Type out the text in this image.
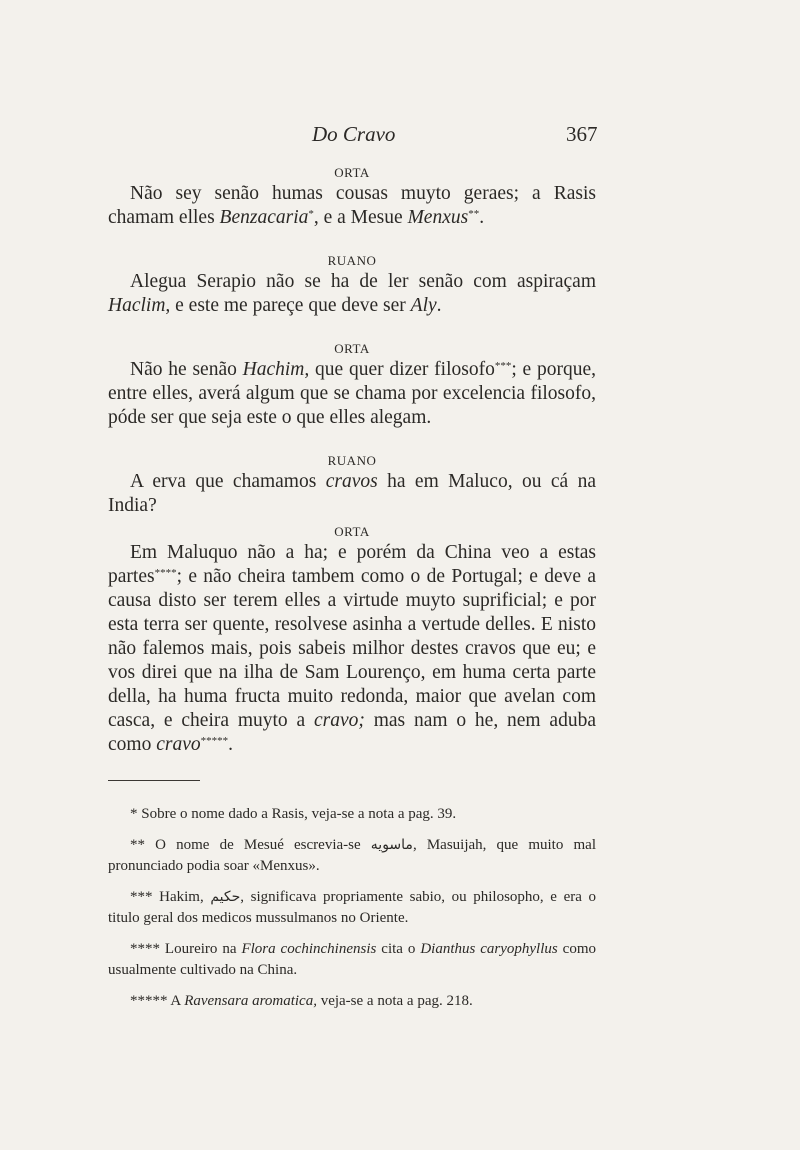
Do Cravo	367
ORTA

Não sey senão humas cousas muyto geraes; a Rasis chamam elles Benzacaria*, e a Mesue Menxus**.

RUANO

Alegua Serapio não se ha de ler senão com aspiraçam Haclim, e este me pareçe que deve ser Aly.

ORTA

Não he senão Hachim, que quer dizer filosofo***; e porque, entre elles, averá algum que se chama por excelencia filosofo, póde ser que seja este o que elles alegam.

RUANO

A erva que chamamos cravos ha em Maluco, ou cá na India?

ORTA

Em Maluquo não a ha; e porém da China veo a estas partes****; e não cheira tambem como o de Portugal; e deve a causa disto ser terem elles a virtude muyto suprificial; e por esta terra ser quente, resolvese asinha a vertude delles. E nisto não falemos mais, pois sabeis milhor destes cravos que eu; e vos direi que na ilha de Sam Lourenço, em huma certa parte della, ha huma fructa muito redonda, maior que avelan com casca, e cheira muyto a cravo; mas nam o he, nem aduba como cravo*****.

* Sobre o nome dado a Rasis, veja-se a nota a pag. 39.

** O nome de Mesué escrevia-se ماسويه, Masuijah, que muito mal pronunciado podia soar «Menxus».

*** Hakim, حكيم, significava propriamente sabio, ou philosopho, e era o titulo geral dos medicos mussulmanos no Oriente.

**** Loureiro na Flora cochinchinensis cita o Dianthus caryophyllus como usualmente cultivado na China.

***** A Ravensara aromatica, veja-se a nota a pag. 218.
